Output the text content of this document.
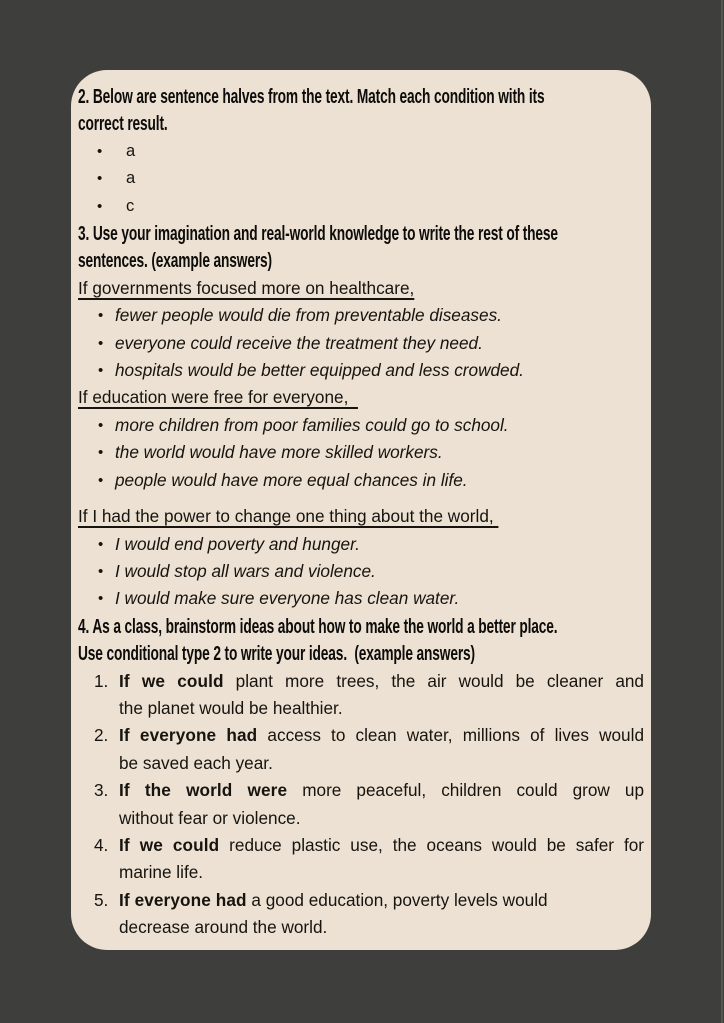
2. Below are sentence halves from the text. Match each condition with its
correct result.
• a
• a
• c
3. Use your imagination and real-world knowledge to write the rest of these
sentences. (example answers)
If governments focused more on healthcare,
• fewer people would die from preventable diseases.
• everyone could receive the treatment they need.
• hospitals would be better equipped and less crowded.
If education were free for everyone,
• more children from poor families could go to school.
• the world would have more skilled workers.
• people would have more equal chances in life.
If I had the power to change one thing about the world,
• I would end poverty and hunger.
• I would stop all wars and violence.
• I would make sure everyone has clean water.
4. As a class, brainstorm ideas about how to make the world a better place.
Use conditional type 2 to write your ideas.  (example answers)
1. If we could plant more trees, the air would be cleaner and
the planet would be healthier.
2. If everyone had access to clean water, millions of lives would
be saved each year.
3. If the world were more peaceful, children could grow up
without fear or violence.
4. If we could reduce plastic use, the oceans would be safer for
marine life.
5. If everyone had a good education, poverty levels would
decrease around the world.
